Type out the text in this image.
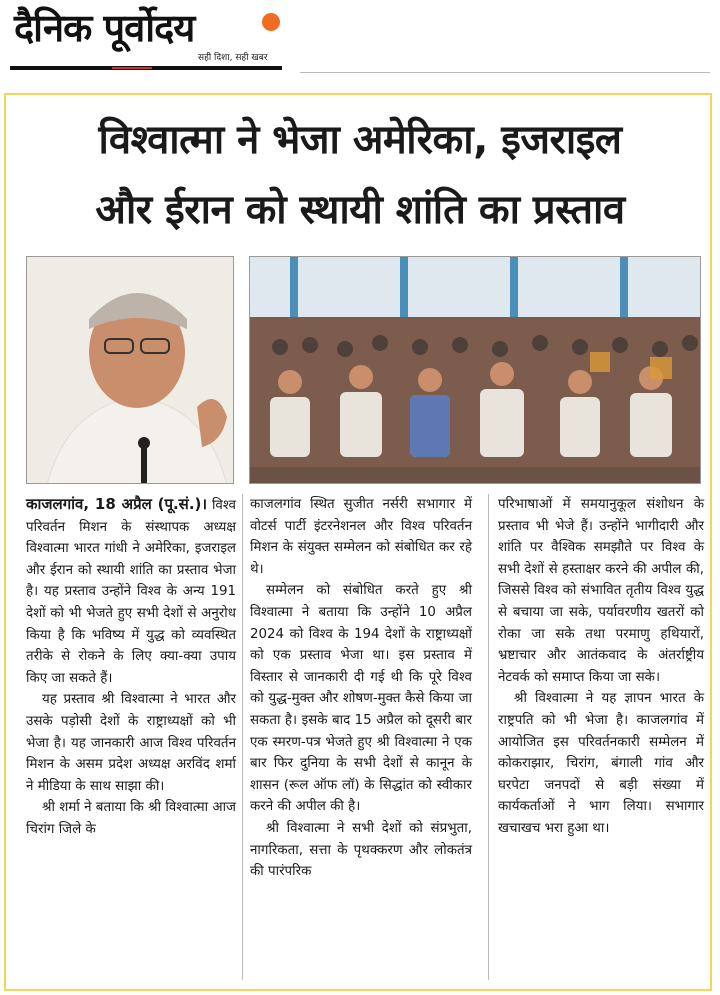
दैनिक पूर्वोदय
सही दिशा, सही खबर
विश्वात्मा ने भेजा अमेरिका, इजराइल
और ईरान को स्थायी शांति का प्रस्ताव

काजलगांव, 18 अप्रैल (पू.सं.)। विश्व परिवर्तन मिशन के संस्थापक अध्यक्ष विश्वात्मा भारत गांधी ने अमेरिका, इजराइल और ईरान को स्थायी शांति का प्रस्ताव भेजा है। यह प्रस्ताव उन्होंने विश्व के अन्य 191 देशों को भी भेजते हुए सभी देशों से अनुरोध किया है कि भविष्य में युद्ध को व्यवस्थित तरीके से रोकने के लिए क्या-क्या उपाय किए जा सकते हैं।

यह प्रस्ताव श्री विश्वात्मा ने भारत और उसके पड़ोसी देशों के राष्ट्राध्यक्षों को भी भेजा है। यह जानकारी आज विश्व परिवर्तन मिशन के असम प्रदेश अध्यक्ष अरविंद शर्मा ने मीडिया के साथ साझा की।

श्री शर्मा ने बताया कि श्री विश्वात्मा आज चिरांग जिले के

काजलगांव स्थित सुजीत नर्सरी सभागार में वोटर्स पार्टी इंटरनेशनल और विश्व परिवर्तन मिशन के संयुक्त सम्मेलन को संबोधित कर रहे थे।

सम्मेलन को संबोधित करते हुए श्री विश्वात्मा ने बताया कि उन्होंने 10 अप्रैल 2024 को विश्व के 194 देशों के राष्ट्राध्यक्षों को एक प्रस्ताव भेजा था। इस प्रस्ताव में विस्तार से जानकारी दी गई थी कि पूरे विश्व को युद्ध-मुक्त और शोषण-मुक्त कैसे किया जा सकता है। इसके बाद 15 अप्रैल को दूसरी बार एक स्मरण-पत्र भेजते हुए श्री विश्वात्मा ने एक बार फिर दुनिया के सभी देशों से कानून के शासन (रूल ऑफ लॉ) के सिद्धांत को स्वीकार करने की अपील की है।

श्री विश्वात्मा ने सभी देशों को संप्रभुता, नागरिकता, सत्ता के पृथक्करण और लोकतंत्र की पारंपरिक

परिभाषाओं में समयानुकूल संशोधन के प्रस्ताव भी भेजे हैं। उन्होंने भागीदारी और शांति पर वैश्विक समझौते पर विश्व के सभी देशों से हस्ताक्षर करने की अपील की, जिससे विश्व को संभावित तृतीय विश्व युद्ध से बचाया जा सके, पर्यावरणीय खतरों को रोका जा सके तथा परमाणु हथियारों, भ्रष्टाचार और आतंकवाद के अंतर्राष्ट्रीय नेटवर्क को समाप्त किया जा सके।

श्री विश्वात्मा ने यह ज्ञापन भारत के राष्ट्रपति को भी भेजा है। काजलगांव में आयोजित इस परिवर्तनकारी सम्मेलन में कोकराझार, चिरांग, बंगाली गांव और घरपेटा जनपदों से बड़ी संख्या में कार्यकर्ताओं ने भाग लिया। सभागार खचाखच भरा हुआ था।
